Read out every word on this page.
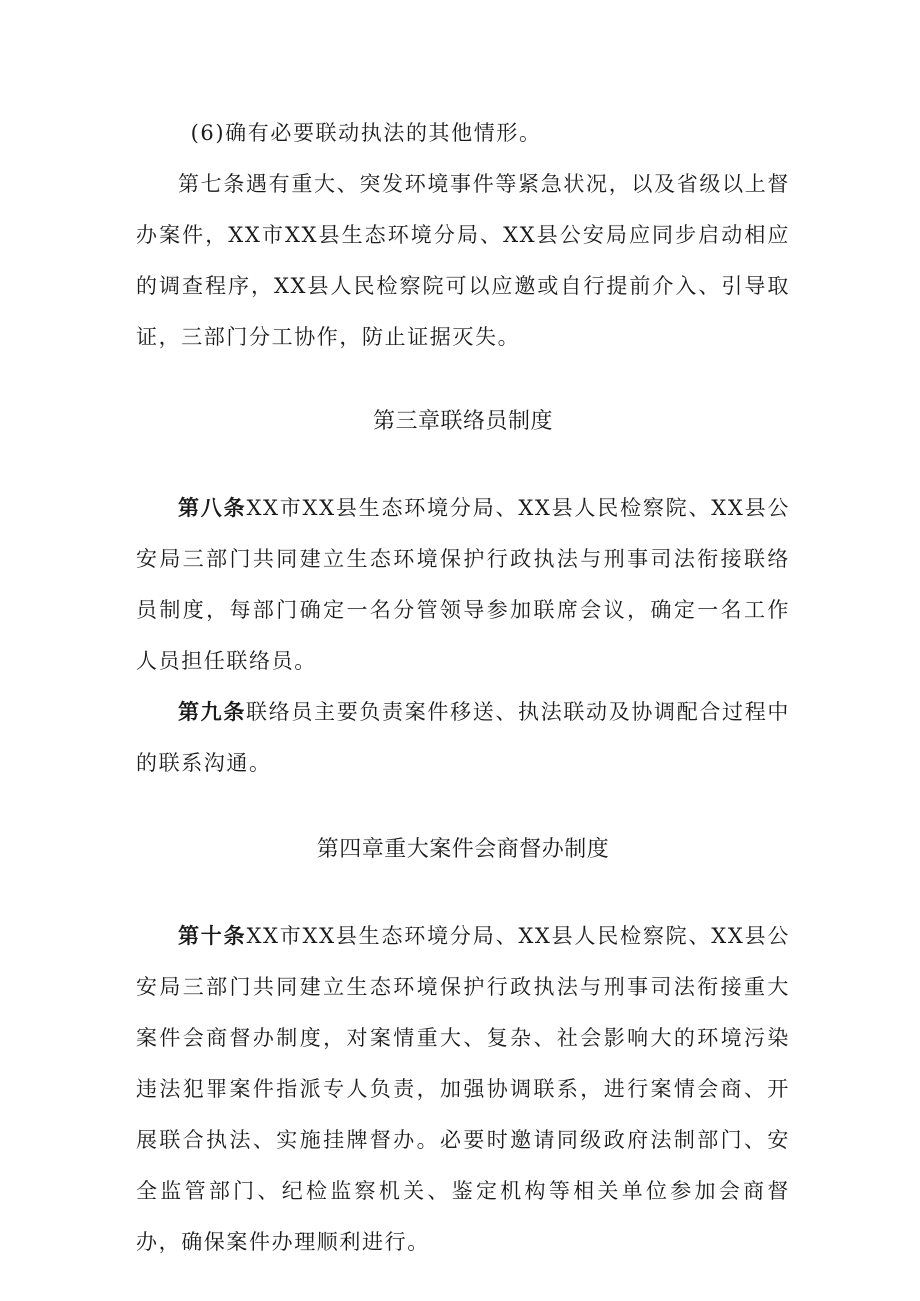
(6)确有必要联动执法的其他情形。

第七条遇有重大、突发环境事件等紧急状况，以及省级以上督办案件，XX市XX县生态环境分局、XX县公安局应同步启动相应的调查程序，XX县人民检察院可以应邀或自行提前介入、引导取证，三部门分工协作，防止证据灭失。

第三章联络员制度

第八条XX市XX县生态环境分局、XX县人民检察院、XX县公安局三部门共同建立生态环境保护行政执法与刑事司法衔接联络员制度，每部门确定一名分管领导参加联席会议，确定一名工作人员担任联络员。

第九条联络员主要负责案件移送、执法联动及协调配合过程中的联系沟通。

第四章重大案件会商督办制度

第十条XX市XX县生态环境分局、XX县人民检察院、XX县公安局三部门共同建立生态环境保护行政执法与刑事司法衔接重大案件会商督办制度，对案情重大、复杂、社会影响大的环境污染违法犯罪案件指派专人负责，加强协调联系，进行案情会商、开展联合执法、实施挂牌督办。必要时邀请同级政府法制部门、安全监管部门、纪检监察机关、鉴定机构等相关单位参加会商督办，确保案件办理顺利进行。
